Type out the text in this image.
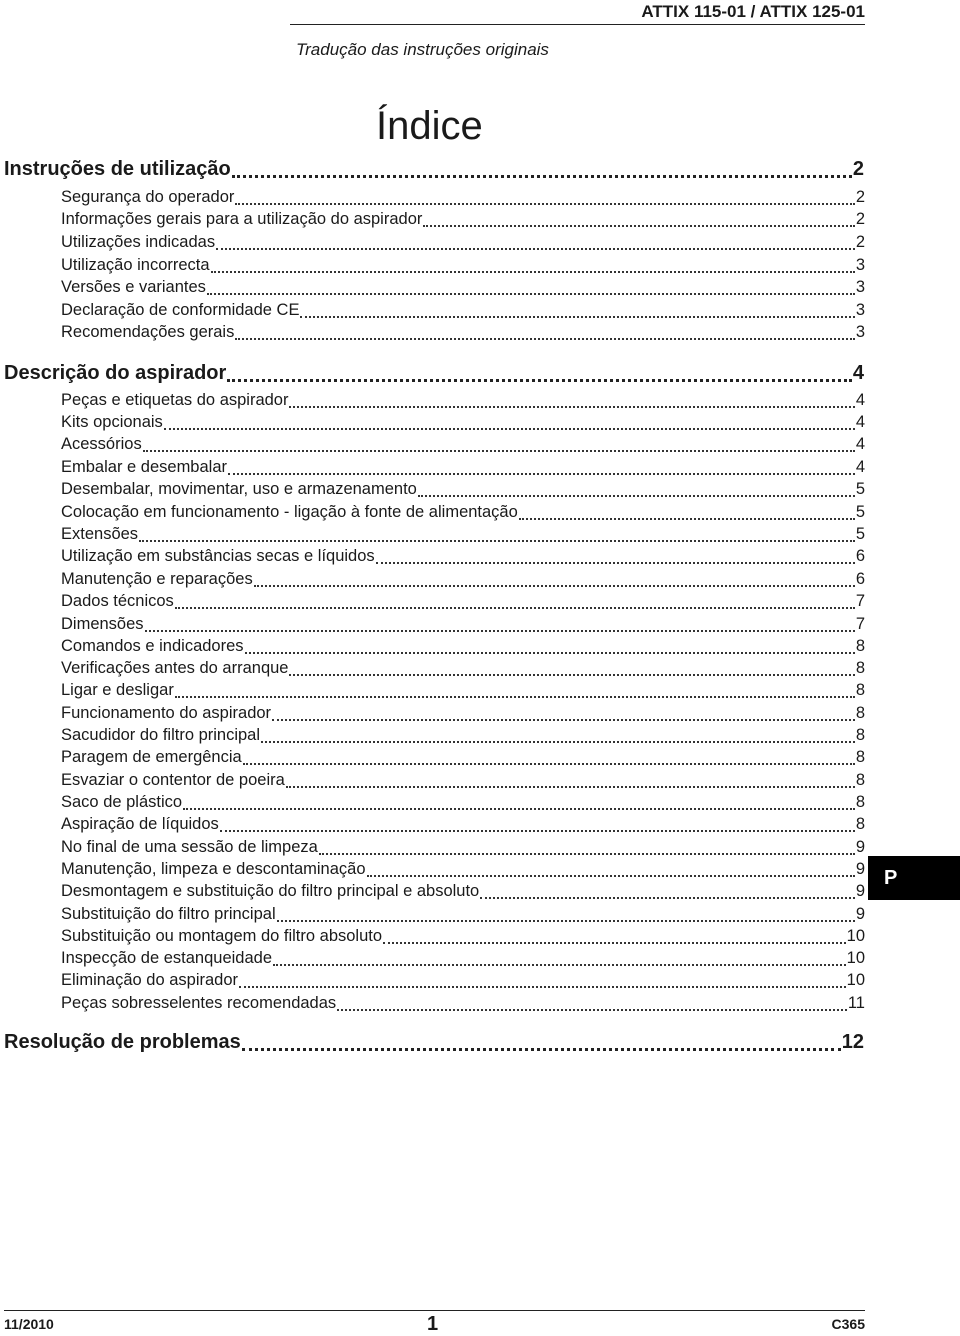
ATTIX 115-01 / ATTIX 125-01
Tradução das instruções originais
Índice
Instruções de utilização	2
Segurança do operador	2
Informações gerais para a utilização do aspirador	2
Utilizações indicadas	2
Utilização incorrecta	3
Versões e variantes	3
Declaração de conformidade CE	3
Recomendações gerais	3
Descrição do aspirador	4
Peças e etiquetas do aspirador	4
Kits opcionais	4
Acessórios	4
Embalar e desembalar	4
Desembalar, movimentar, uso e armazenamento	5
Colocação em funcionamento - ligação à fonte de alimentação	5
Extensões	5
Utilização em substâncias secas e líquidos	6
Manutenção e reparações	6
Dados técnicos	7
Dimensões	7
Comandos e indicadores	8
Verificações antes do arranque	8
Ligar e desligar	8
Funcionamento do aspirador	8
Sacudidor do filtro principal	8
Paragem de emergência	8
Esvaziar o contentor de poeira	8
Saco de plástico	8
Aspiração de líquidos	8
No final de uma sessão de limpeza	9
Manutenção, limpeza e descontaminação	9
Desmontagem e substituição do filtro principal e absoluto	9
Substituição do filtro principal	9
Substituição ou montagem do filtro absoluto	10
Inspecção de estanqueidade	10
Eliminação do aspirador	10
Peças sobresselentes recomendadas	11
Resolução de problemas	12
P
11/2010	1	C365
